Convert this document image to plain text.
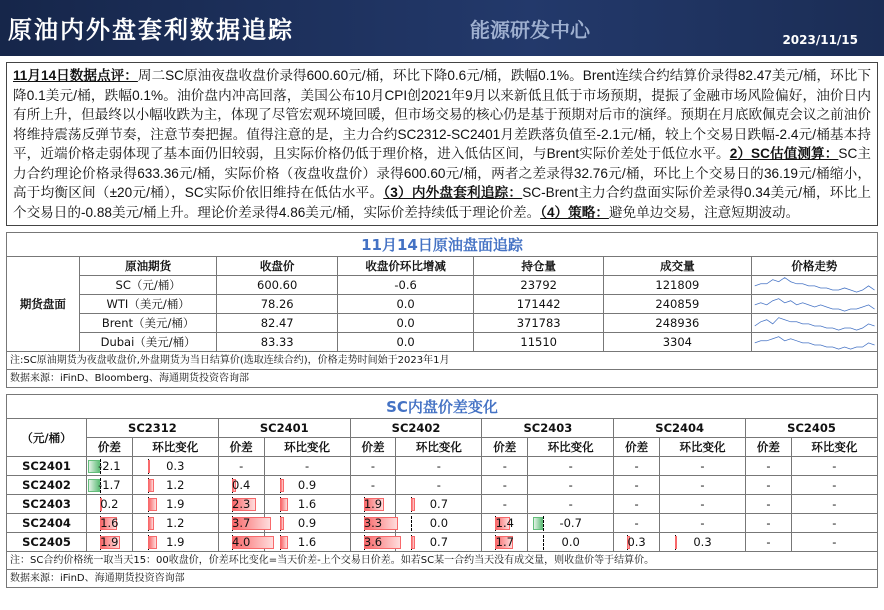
原油内外盘套利数据追踪	能源研发中心	2023/11/15
11月14日数据点评：周二SC原油夜盘收盘价录得600.60元/桶，环比下降0.6元/桶，跌幅0.1%。Brent连续合约结算价录得82.47美元/桶，环比下降0.1美元/桶，跌幅0.1%。油价盘内冲高回落，美国公布10月CPI创2021年9月以来新低且低于市场预期，提振了金融市场风险偏好，油价日内有所上升，但最终以小幅收跌为主，体现了尽管宏观环境回暖，但市场交易的核心仍是基于预期对后市的演绎。预期在月底欧佩克会议之前油价将维持震荡反弹节奏，注意节奏把握。值得注意的是，主力合约SC2312-SC2401月差跌落负值至-2.1元/桶，较上个交易日跌幅-2.4元/桶基本持平，近端价格走弱体现了基本面仍旧较弱，且实际价格仍低于理价格，进入低估区间，与Brent实际价差处于低位水平。2）SC估值测算：SC主力合约理论价格录得633.36元/桶，实际价格（夜盘收盘价）录得600.60元/桶，两者之差录得32.76元/桶，环比上个交易日的36.19元/桶缩小，高于均衡区间（±20元/桶），SC实际价依旧维持在低估水平。（3）内外盘套利追踪：SC-Brent主力合约盘面实际价差录得0.34美元/桶，环比上个交易日的-0.88美元/桶上升。理论价差录得4.86美元/桶，实际价差持续低于理论价差。（4）策略：避免单边交易，注意短期波动。
11月14日原油盘面追踪						
期货盘面	原油期货	收盘价	收盘价环比增减	持仓量	成交量	价格走势
	SC（元/桶）	600.60	-0.6	23792	121809	

	WTI（美元/桶）	78.26	0.0	171442	240859	

	Brent（美元/桶）	82.47	0.0	371783	248936	

	Dubai（美元/桶）	83.33	0.0	11510	3304	

注:SC原油期货为夜盘收盘价,外盘期货为当日结算价(选取连续合约)，价格走势时间始于2023年1月						
数据来源：iFinD、Bloomberg、海通期货投资咨询部						
SC内盘价差变化												
（元/桶）	SC2312		SC2401		SC2402		SC2403		SC2404		SC2405	
	价差	环比变化	价差	环比变化	价差	环比变化	价差	环比变化	价差	环比变化	价差	环比变化
SC2401	-2.1	0.3	-	-	-	-	-	-	-	-	-	-

SC2402	-1.7	1.2	0.4	0.9	-	-	-	-	-	-	-	-

SC2403	0.2	1.9	2.3	1.6	1.9	0.7	-	-	-	-	-	-

SC2404	1.6	1.2	3.7	0.9	3.3	0.0	1.4	-0.7	-	-	-	-

SC2405	1.9	1.9	4.0	1.6	3.6	0.7	1.7	0.0	0.3	0.3	-	-

注：SC合约价格统一取当天15：00收盘价，价差环比变化=当天价差-上个交易日价差。如若SC某一合约当天没有成交量，则收盘价等于结算价。												
数据来源：iFinD、海通期货投资咨询部												
